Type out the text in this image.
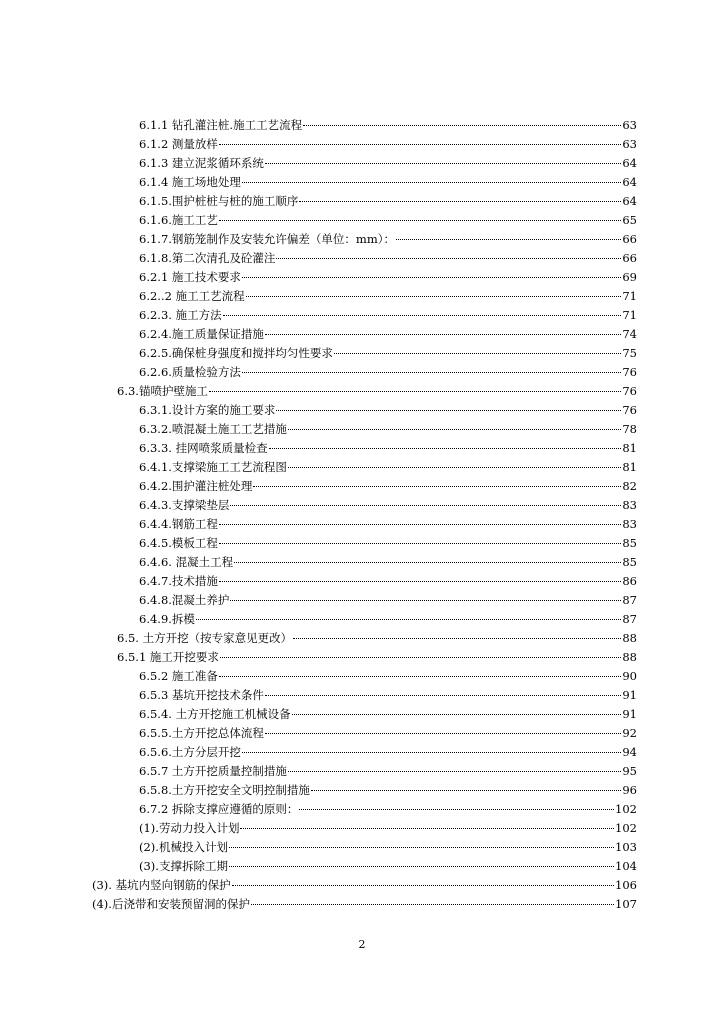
6.1.1 钻孔灌注桩.施工工艺流程	63
6.1.2 测量放样	63
6.1.3 建立泥浆循环系统	64
6.1.4 施工场地处理	64
6.1.5.围护桩桩与桩的施工顺序	64
6.1.6.施工工艺	65
6.1.7.钢筋笼制作及安装允许偏差（单位：mm）：	66
6.1.8.第二次清孔及砼灌注	66
6.2.1 施工技术要求	69
6.2..2 施工工艺流程	71
6.2.3. 施工方法	71
6.2.4.施工质量保证措施	74
6.2.5.确保桩身强度和搅拌均匀性要求	75
6.2.6.质量检验方法	76
6.3.锚喷护壁施工	76
6.3.1.设计方案的施工要求	76
6.3.2.喷混凝土施工工艺措施	78
6.3.3. 挂网喷浆质量检查	81
6.4.1.支撑梁施工工艺流程图	81
6.4.2.围护灌注桩处理	82
6.4.3.支撑梁垫层	83
6.4.4.钢筋工程	83
6.4.5.模板工程	85
6.4.6. 混凝土工程	85
6.4.7.技术措施	86
6.4.8.混凝土养护	87
6.4.9.拆模	87
6.5. 土方开挖（按专家意见更改）	88
6.5.1 施工开挖要求	88
6.5.2 施工准备	90
6.5.3 基坑开挖技术条件	91
6.5.4. 土方开挖施工机械设备	91
6.5.5.土方开挖总体流程	92
6.5.6.土方分层开挖	94
6.5.7 土方开挖质量控制措施	95
6.5.8.土方开挖安全文明控制措施	96
6.7.2 拆除支撑应遵循的原则：	102
(1).劳动力投入计划	102
(2).机械投入计划	103
(3).支撑拆除工期	104
(3). 基坑内竖向钢筋的保护	106
(4).后浇带和安装预留洞的保护	107
2
